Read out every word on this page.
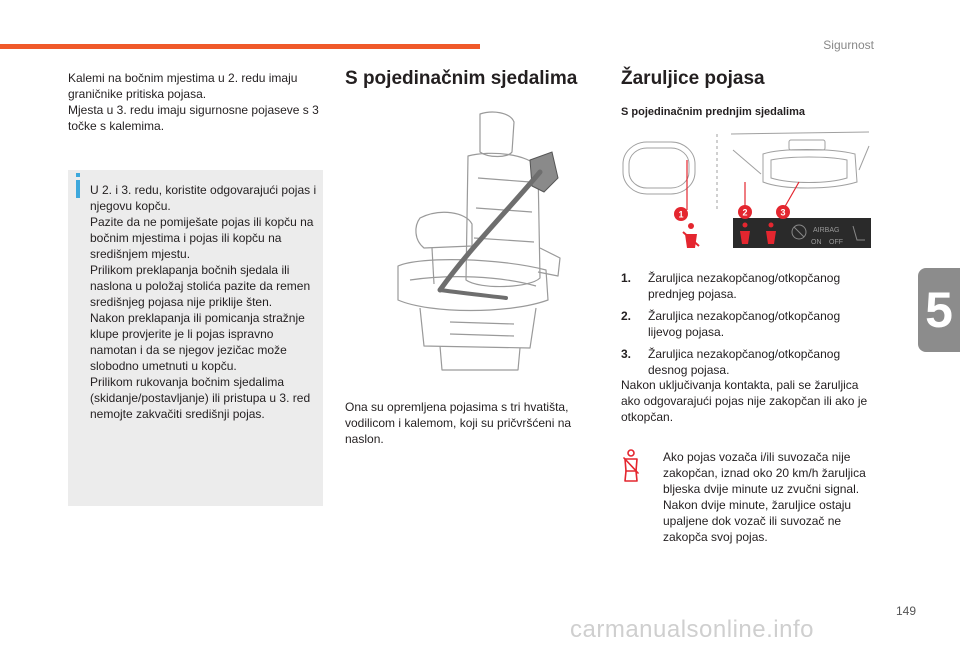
Sigurnost

Kalemi na bočnim mjestima u 2. redu imaju graničnike pritiska pojasa.
Mjesta u 3. redu imaju sigurnosne pojaseve s 3 točke s kalemima.

U 2. i 3. redu, koristite odgovarajući pojas i njegovu kopču.
Pazite da ne pomiješate pojas ili kopču na bočnim mjestima i pojas ili kopču na središnjem mjestu.
Prilikom preklapanja bočnih sjedala ili naslona u položaj stolića pazite da remen središnjeg pojasa nije priklije šten.
Nakon preklapanja ili pomicanja stražnje klupe provjerite je li pojas ispravno namotan i da se njegov jezičac može slobodno umetnuti u kopču.
Prilikom rukovanja bočnim sjedalima (skidanje/postavljanje) ili pristupa u 3. red nemojte zakvačiti središnji pojas.
S pojedinačnim sjedalima
Ona su opremljena pojasima s tri hvatišta, vodilicom i kalemom, koji su pričvršćeni na naslon.
Žaruljice pojasa
S pojedinačnim prednjim sjedalima
AIRBAG
ON OFF
1	2	3
1.	Žaruljica nezakopčanog/otkopčanog prednjeg pojasa.
2.	Žaruljica nezakopčanog/otkopčanog lijevog pojasa.
3.	Žaruljica nezakopčanog/otkopčanog desnog pojasa.
Nakon uključivanja kontakta, pali se žaruljica ako odgovarajući pojas nije zakopčan ili ako je otkopčan.
Ako pojas vozača i/ili suvozača nije zakopčan, iznad oko 20 km/h žaruljica bljeska dvije minute uz zvučni signal.
Nakon dvije minute, žaruljice ostaju upaljene dok vozač ili suvozač ne zakopča svoj pojas.
5
149
carmanualsonline.info
